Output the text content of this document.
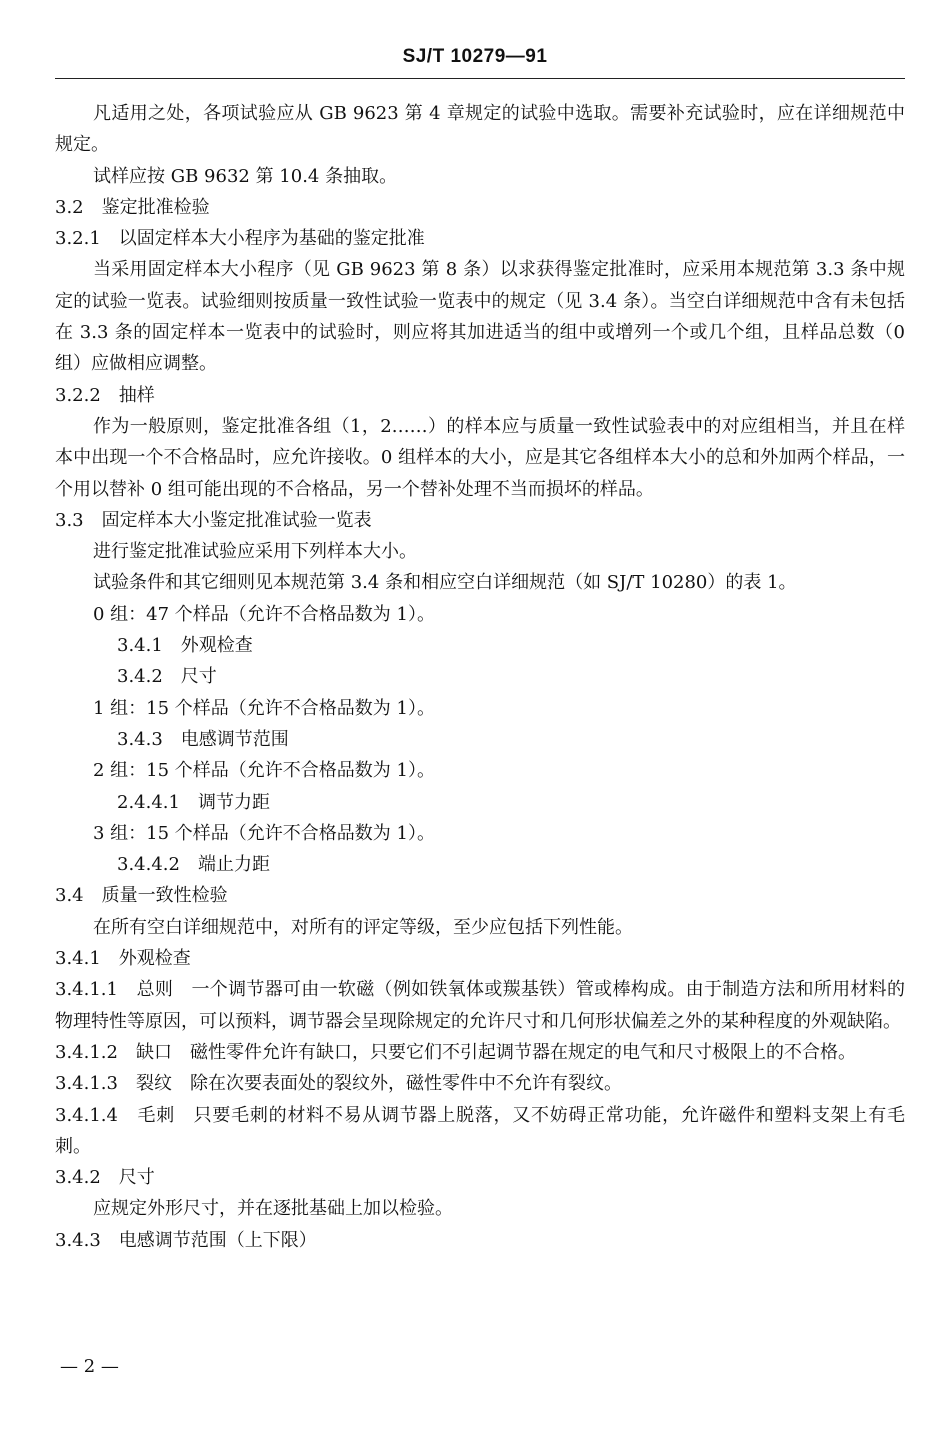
SJ/T 10279—91

凡适用之处，各项试验应从 GB 9623 第 4 章规定的试验中选取。需要补充试验时，应在详细规范中规定。

试样应按 GB 9632 第 10.4 条抽取。

3.2　鉴定批准检验

3.2.1　以固定样本大小程序为基础的鉴定批准

当采用固定样本大小程序（见 GB 9623 第 8 条）以求获得鉴定批准时，应采用本规范第 3.3 条中规定的试验一览表。试验细则按质量一致性试验一览表中的规定（见 3.4 条）。当空白详细规范中含有未包括在 3.3 条的固定样本一览表中的试验时，则应将其加进适当的组中或增列一个或几个组，且样品总数（0 组）应做相应调整。

3.2.2　抽样

作为一般原则，鉴定批准各组（1，2……）的样本应与质量一致性试验表中的对应组相当，并且在样本中出现一个不合格品时，应允许接收。0 组样本的大小，应是其它各组样本大小的总和外加两个样品，一个用以替补 0 组可能出现的不合格品，另一个替补处理不当而损坏的样品。

3.3　固定样本大小鉴定批准试验一览表

进行鉴定批准试验应采用下列样本大小。

试验条件和其它细则见本规范第 3.4 条和相应空白详细规范（如 SJ/T 10280）的表 1。

0 组：47 个样品（允许不合格品数为 1）。

3.4.1　外观检查

3.4.2　尺寸

1 组：15 个样品（允许不合格品数为 1）。

3.4.3　电感调节范围

2 组：15 个样品（允许不合格品数为 1）。

2.4.4.1　调节力距

3 组：15 个样品（允许不合格品数为 1）。

3.4.4.2　端止力距

3.4　质量一致性检验

在所有空白详细规范中，对所有的评定等级，至少应包括下列性能。

3.4.1　外观检查

3.4.1.1　总则　一个调节器可由一软磁（例如铁氧体或羰基铁）管或棒构成。由于制造方法和所用材料的物理特性等原因，可以预料，调节器会呈现除规定的允许尺寸和几何形状偏差之外的某种程度的外观缺陷。

3.4.1.2　缺口　磁性零件允许有缺口，只要它们不引起调节器在规定的电气和尺寸极限上的不合格。

3.4.1.3　裂纹　除在次要表面处的裂纹外，磁性零件中不允许有裂纹。

3.4.1.4　毛刺　只要毛刺的材料不易从调节器上脱落，又不妨碍正常功能，允许磁件和塑料支架上有毛刺。

3.4.2　尺寸

应规定外形尺寸，并在逐批基础上加以检验。

3.4.3　电感调节范围（上下限）

— 2 —
